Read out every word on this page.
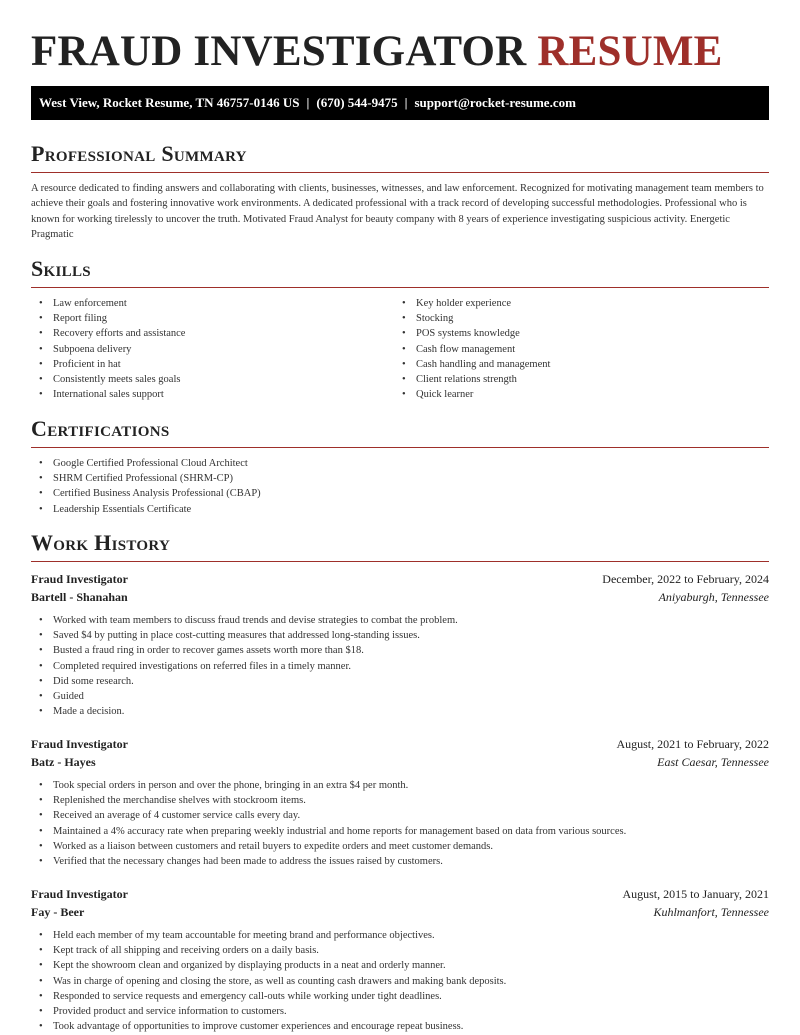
FRAUD INVESTIGATOR RESUME
West View, Rocket Resume, TN 46757-0146 US | (670) 544-9475 | support@rocket-resume.com
Professional Summary

A resource dedicated to finding answers and collaborating with clients, businesses, witnesses, and law enforcement. Recognized for motivating management team members to achieve their goals and fostering innovative work environments. A dedicated professional with a track record of developing successful methodologies. Professional who is known for working tirelessly to uncover the truth. Motivated Fraud Analyst for beauty company with 8 years of experience investigating suspicious activity. Energetic Pragmatic

Skills
• Law enforcement
• Report filing
• Recovery efforts and assistance
• Subpoena delivery
• Proficient in hat
• Consistently meets sales goals
• International sales support
• Key holder experience
• Stocking
• POS systems knowledge
• Cash flow management
• Cash handling and management
• Client relations strength
• Quick learner
Certifications
• Google Certified Professional Cloud Architect
• SHRM Certified Professional (SHRM-CP)
• Certified Business Analysis Professional (CBAP)
• Leadership Essentials Certificate
Work History
Fraud Investigator	December, 2022 to February, 2024
Bartell - Shanahan	Aniyaburgh, Tennessee
• Worked with team members to discuss fraud trends and devise strategies to combat the problem.
• Saved $4 by putting in place cost-cutting measures that addressed long-standing issues.
• Busted a fraud ring in order to recover games assets worth more than $18.
• Completed required investigations on referred files in a timely manner.
• Did some research.
• Guided
• Made a decision.
Fraud Investigator	August, 2021 to February, 2022
Batz - Hayes	East Caesar, Tennessee
• Took special orders in person and over the phone, bringing in an extra $4 per month.
• Replenished the merchandise shelves with stockroom items.
• Received an average of 4 customer service calls every day.
• Maintained a 4% accuracy rate when preparing weekly industrial and home reports for management based on data from various sources.
• Worked as a liaison between customers and retail buyers to expedite orders and meet customer demands.
• Verified that the necessary changes had been made to address the issues raised by customers.
Fraud Investigator	August, 2015 to January, 2021
Fay - Beer	Kuhlmanfort, Tennessee
• Held each member of my team accountable for meeting brand and performance objectives.
• Kept track of all shipping and receiving orders on a daily basis.
• Kept the showroom clean and organized by displaying products in a neat and orderly manner.
• Was in charge of opening and closing the store, as well as counting cash drawers and making bank deposits.
• Responded to service requests and emergency call-outs while working under tight deadlines.
• Provided product and service information to customers.
• Took advantage of opportunities to improve customer experiences and encourage repeat business.
